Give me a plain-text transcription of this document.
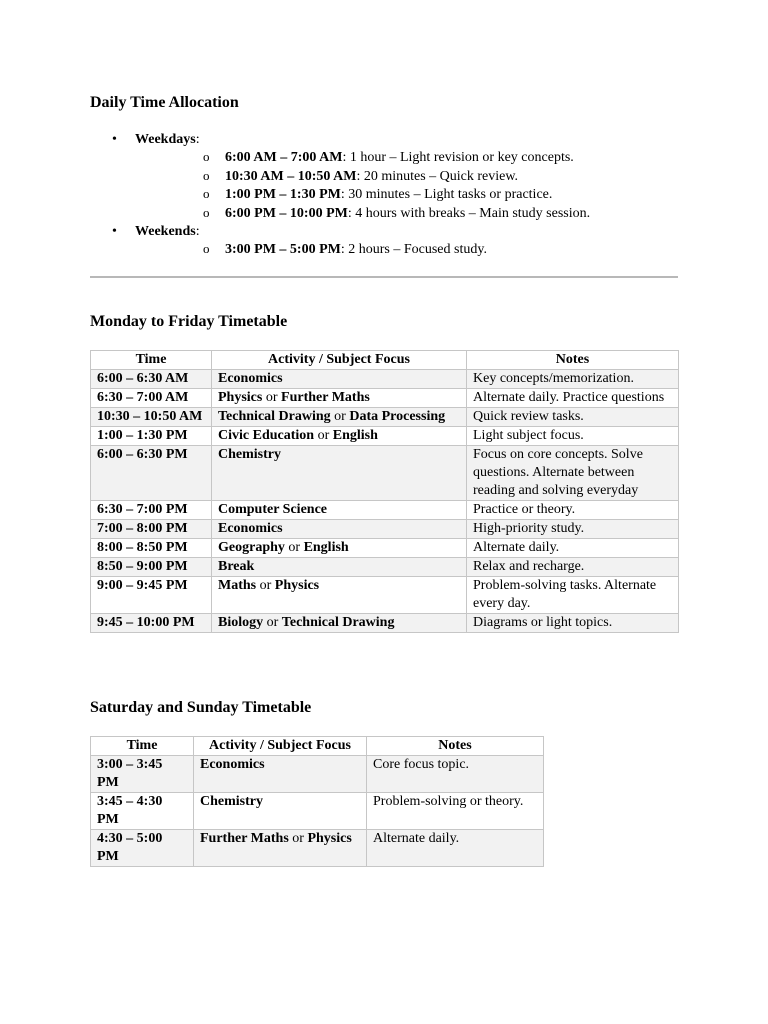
Daily Time Allocation
• Weekdays:
o 6:00 AM – 7:00 AM: 1 hour – Light revision or key concepts.
o 10:30 AM – 10:50 AM: 20 minutes – Quick review.
o 1:00 PM – 1:30 PM: 30 minutes – Light tasks or practice.
o 6:00 PM – 10:00 PM: 4 hours with breaks – Main study session.
• Weekends:
o 3:00 PM – 5:00 PM: 2 hours – Focused study.
Monday to Friday Timetable
Time	Activity / Subject Focus	Notes
6:00 – 6:30 AM	Economics	Key concepts/memorization.
6:30 – 7:00 AM	Physics or Further Maths	Alternate daily. Practice questions
10:30 – 10:50 AM	Technical Drawing or Data Processing	Quick review tasks.
1:00 – 1:30 PM	Civic Education or English	Light subject focus.
6:00 – 6:30 PM	Chemistry	Focus on core concepts. Solve questions. Alternate between reading and solving everyday
6:30 – 7:00 PM	Computer Science	Practice or theory.
7:00 – 8:00 PM	Economics	High-priority study.
8:00 – 8:50 PM	Geography or English	Alternate daily.
8:50 – 9:00 PM	Break	Relax and recharge.
9:00 – 9:45 PM	Maths or Physics	Problem-solving tasks. Alternate every day.
9:45 – 10:00 PM	Biology or Technical Drawing	Diagrams or light topics.
Saturday and Sunday Timetable
Time	Activity / Subject Focus	Notes
3:00 – 3:45 PM	Economics	Core focus topic.
3:45 – 4:30 PM	Chemistry	Problem-solving or theory.
4:30 – 5:00 PM	Further Maths or Physics	Alternate daily.
